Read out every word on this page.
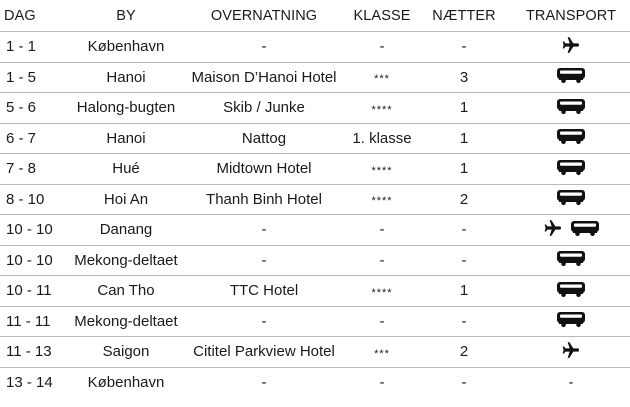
DAG	BY	OVERNATNING	KLASSE	NÆTTER	TRANSPORT
1 - 1	København	-	-	-
1 - 5	Hanoi	Maison D’Hanoi Hotel	***	3
5 - 6	Halong-bugten	Skib / Junke	****	1
6 - 7	Hanoi	Nattog	1. klasse	1
7 - 8	Hué	Midtown Hotel	****	1
8 - 10	Hoi An	Thanh Binh Hotel	****	2
10 - 10	Danang	-	-	-
10 - 10	Mekong-deltaet	-	-	-
10 - 11	Can Tho	TTC Hotel	****	1
11 - 11	Mekong-deltaet	-	-	-
11 - 13	Saigon	Cititel Parkview Hotel	***	2
13 - 14	København	-	-	-	-
